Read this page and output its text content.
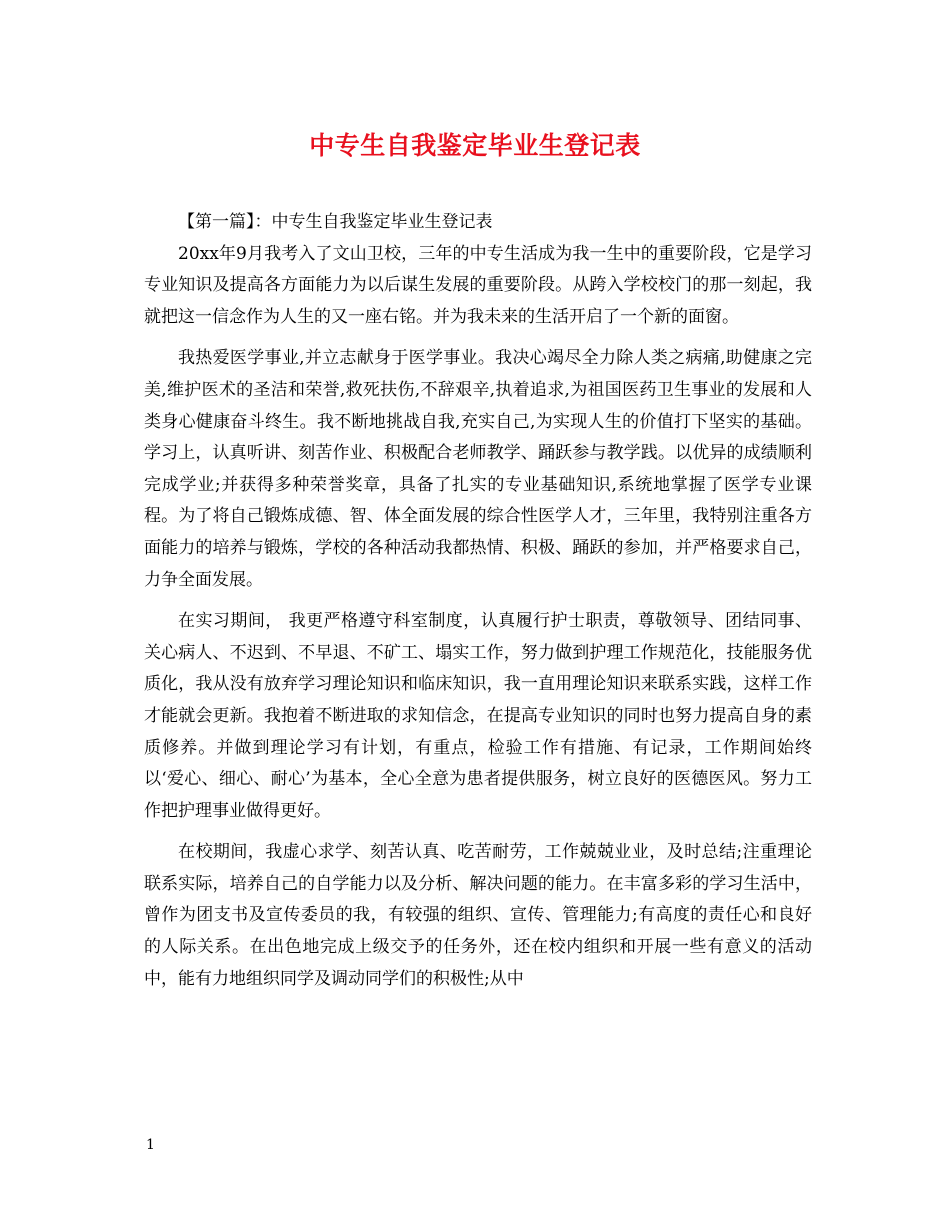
中专生自我鉴定毕业生登记表

【第一篇】：中专生自我鉴定毕业生登记表

20xx年9月我考入了文山卫校，三年的中专生活成为我一生中的重要阶段，它是学习专业知识及提高各方面能力为以后谋生发展的重要阶段。从跨入学校校门的那一刻起，我就把这一信念作为人生的又一座右铭。并为我未来的生活开启了一个新的面窗。

我热爱医学事业,并立志献身于医学事业。我决心竭尽全力除人类之病痛,助健康之完美,维护医术的圣洁和荣誉,救死扶伤,不辞艰辛,执着追求,为祖国医药卫生事业的发展和人类身心健康奋斗终生。我不断地挑战自我,充实自己,为实现人生的价值打下坚实的基础。学习上，认真听讲、刻苦作业、积极配合老师教学、踊跃参与教学践。以优异的成绩顺利完成学业;并获得多种荣誉奖章，具备了扎实的专业基础知识,系统地掌握了医学专业课程。为了将自己锻炼成德、智、体全面发展的综合性医学人才，三年里，我特别注重各方面能力的培养与锻炼，学校的各种活动我都热情、积极、踊跃的参加，并严格要求自己，力争全面发展。

在实习期间， 我更严格遵守科室制度，认真履行护士职责，尊敬领导、团结同事、关心病人、不迟到、不早退、不矿工、塌实工作，努力做到护理工作规范化，技能服务优质化，我从没有放弃学习理论知识和临床知识，我一直用理论知识来联系实践，这样工作才能就会更新。我抱着不断进取的求知信念，在提高专业知识的同时也努力提高自身的素质修养。并做到理论学习有计划，有重点，检验工作有措施、有记录，工作期间始终以‘爱心、细心、耐心’为基本，全心全意为患者提供服务，树立良好的医德医风。努力工作把护理事业做得更好。

在校期间，我虚心求学、刻苦认真、吃苦耐劳，工作兢兢业业，及时总结;注重理论联系实际，培养自己的自学能力以及分析、解决问题的能力。在丰富多彩的学习生活中，曾作为团支书及宣传委员的我，有较强的组织、宣传、管理能力;有高度的责任心和良好的人际关系。在出色地完成上级交予的任务外，还在校内组织和开展一些有意义的活动中，能有力地组织同学及调动同学们的积极性;从中

1
